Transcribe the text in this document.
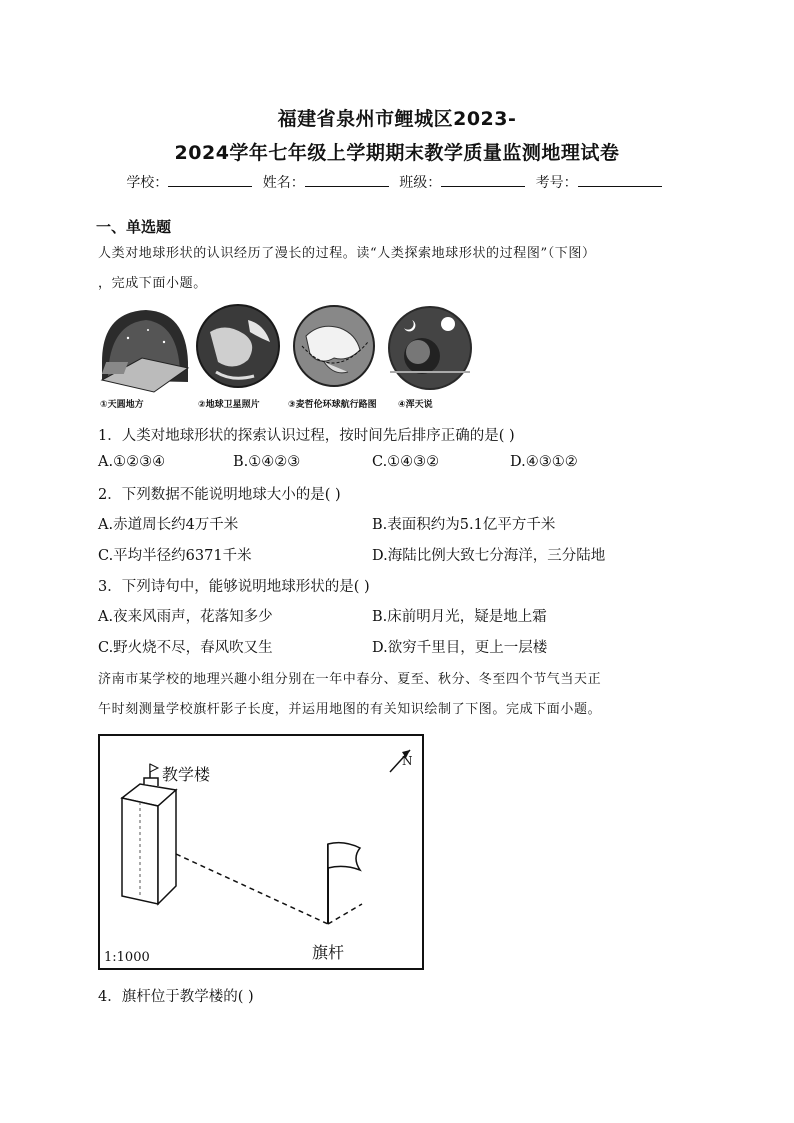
福建省泉州市鲤城区2023-
2024学年七年级上学期期末教学质量监测地理试卷
学校：	姓名：	班级：	考号：
一、单选题
人类对地球形状的认识经历了漫长的过程。读“人类探索地球形状的过程图”（下图）
，完成下面小题。
①天圆地方	②地球卫星照片	③麦哲伦环球航行路图 ④浑天说
1．人类对地球形状的探索认识过程，按时间先后排序正确的是( )
A.①②③④	B.①④②③	C.①④③②	D.④③①②
2．下列数据不能说明地球大小的是( )
A.赤道周长约4万千米	B.表面积约为5.1亿平方千米
C.平均半径约6371千米	D.海陆比例大致七分海洋，三分陆地
3．下列诗句中，能够说明地球形状的是( )
A.夜来风雨声，花落知多少	B.床前明月光，疑是地上霜
C.野火烧不尽，春风吹又生	D.欲穷千里目，更上一层楼
济南市某学校的地理兴趣小组分别在一年中春分、夏至、秋分、冬至四个节气当天正
午时刻测量学校旗杆影子长度，并运用地图的有关知识绘制了下图。完成下面小题。
教学楼
旗杆
N
1:1000
4．旗杆位于教学楼的( )
